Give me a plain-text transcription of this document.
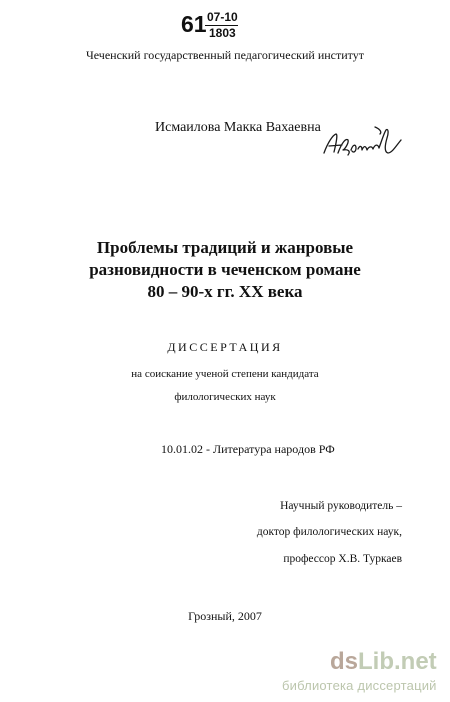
61 07-10
1803
Чеченский государственный педагогический институт
Исмаилова Макка Вахаевна
Проблемы традиций и жанровые
разновидности в чеченском романе
80 – 90-х гг. XX века
ДИССЕРТАЦИЯ
на соискание ученой степени кандидата
филологических наук
10.01.02 - Литература народов РФ
Научный руководитель –
доктор филологических наук,
профессор Х.В. Туркаев
Грозный, 2007
dsLib.net
библиотека диссертаций
